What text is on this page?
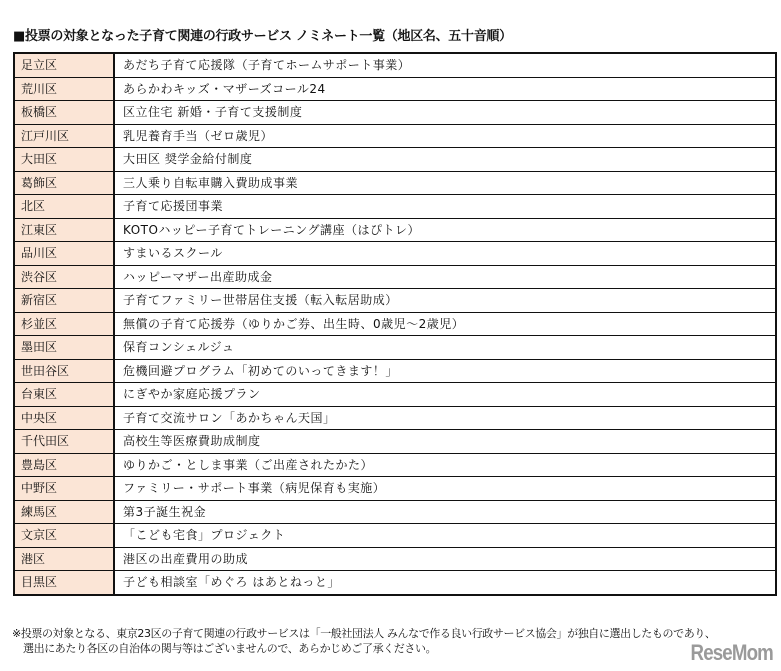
■投票の対象となった子育て関連の行政サービス ノミネート一覧（地区名、五十音順）
足立区	あだち子育て応援隊（子育てホームサポート事業）
荒川区	あらかわキッズ・マザーズコール24
板橋区	区立住宅 新婚・子育て支援制度
江戸川区	乳児養育手当（ゼロ歳児）
大田区	大田区 奨学金給付制度
葛飾区	三人乗り自転車購入費助成事業
北区	子育て応援団事業
江東区	KOTOハッピー子育てトレーニング講座（はぴトレ）
品川区	すまいるスクール
渋谷区	ハッピーマザー出産助成金
新宿区	子育てファミリー世帯居住支援（転入転居助成）
杉並区	無償の子育て応援券（ゆりかご券、出生時、0歳児～2歳児）
墨田区	保育コンシェルジュ
世田谷区	危機回避プログラム「初めてのいってきます！」
台東区	にぎやか家庭応援プラン
中央区	子育て交流サロン「あかちゃん天国」
千代田区	高校生等医療費助成制度
豊島区	ゆりかご・としま事業（ご出産されたかた）
中野区	ファミリー・サポート事業（病児保育も実施）
練馬区	第3子誕生祝金
文京区	「こども宅食」プロジェクト
港区	港区の出産費用の助成
目黒区	子ども相談室「めぐろ はあとねっと」
※投票の対象となる、東京23区の子育て関連の行政サービスは「一般社団法人 みんなで作る良い行政サービス協会」が独自に選出したものであり、
選出にあたり各区の自治体の関与等はございませんので、あらかじめご了承ください。	ReseMom
